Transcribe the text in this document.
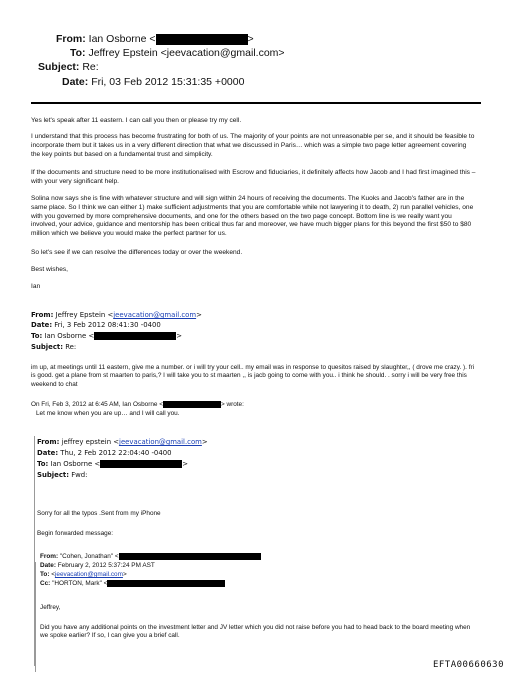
From: Ian Osborne <	>
To: Jeffrey Epstein <jeevacation@gmail.com>
Subject: Re:
Date: Fri, 03 Feb 2012 15:31:35 +0000

Yes let's speak after 11 eastern. I can call you then or please try my cell.

I understand that this process has become frustrating for both of us. The majority of your points are not unreasonable per se, and it should be feasible to incorporate them but it takes us in a very different direction that what we discussed in Paris… which was a simple two page letter agreement covering the key points but based on a fundamental trust and simplicity.

If the documents and structure need to be more institutionalised with Escrow and fiduciaries, it definitely affects how Jacob and I had first imagined this – with your very significant help.

Solina now says she is fine with whatever structure and will sign within 24 hours of receiving the documents. The Kuoks and Jacob's father are in the same place. So I think we can either 1) make sufficient adjustments that you are comfortable while not lawyering it to death, 2) run parallel vehicles, one with you governed by more comprehensive documents, and one for the others based on the two page concept. Bottom line is we really want you involved, your advice, guidance and mentorship has been critical thus far and moreover, we have much bigger plans for this beyond the first $50 to $80 million which we believe you would make the perfect partner for us.

So let's see if we can resolve the differences today or over the weekend.

Best wishes,

Ian

From: Jeffrey Epstein <jeevacation@gmail.com>
Date: Fri, 3 Feb 2012 08:41:30 -0400
To: Ian Osborne <	>
Subject: Re:

im up, at meetings until 11 eastern, give me a number. or i will try your cell.. my email was in response to quesitos raised by slaughter,, ( drove me crazy. ). fri is good. get a plane from st maarten to paris,? I will take you to st maarten ,, is jacb going to come with you.. i think he should. . sorry i will be very free this weekend to chat

On Fri, Feb 3, 2012 at 6:45 AM, Ian Osborne <	> wrote:
Let me know when you are up… and I will call you.
From: jeffrey epstein <jeevacation@gmail.com>
Date: Thu, 2 Feb 2012 22:04:40 -0400
To: Ian Osborne <	>
Subject: Fwd:
Sorry for all the typos .Sent from my iPhone
Begin forwarded message:
From: "Cohen, Jonathan" <
Date: February 2, 2012 5:37:24 PM AST
To: <jeevacation@gmail.com>
Cc: "HORTON, Mark" <
Jeffrey,

Did you have any additional points on the investment letter and JV letter which you did not raise before you had to head back to the board meeting when we spoke earlier? If so, I can give you a brief call.

EFTA00660630
